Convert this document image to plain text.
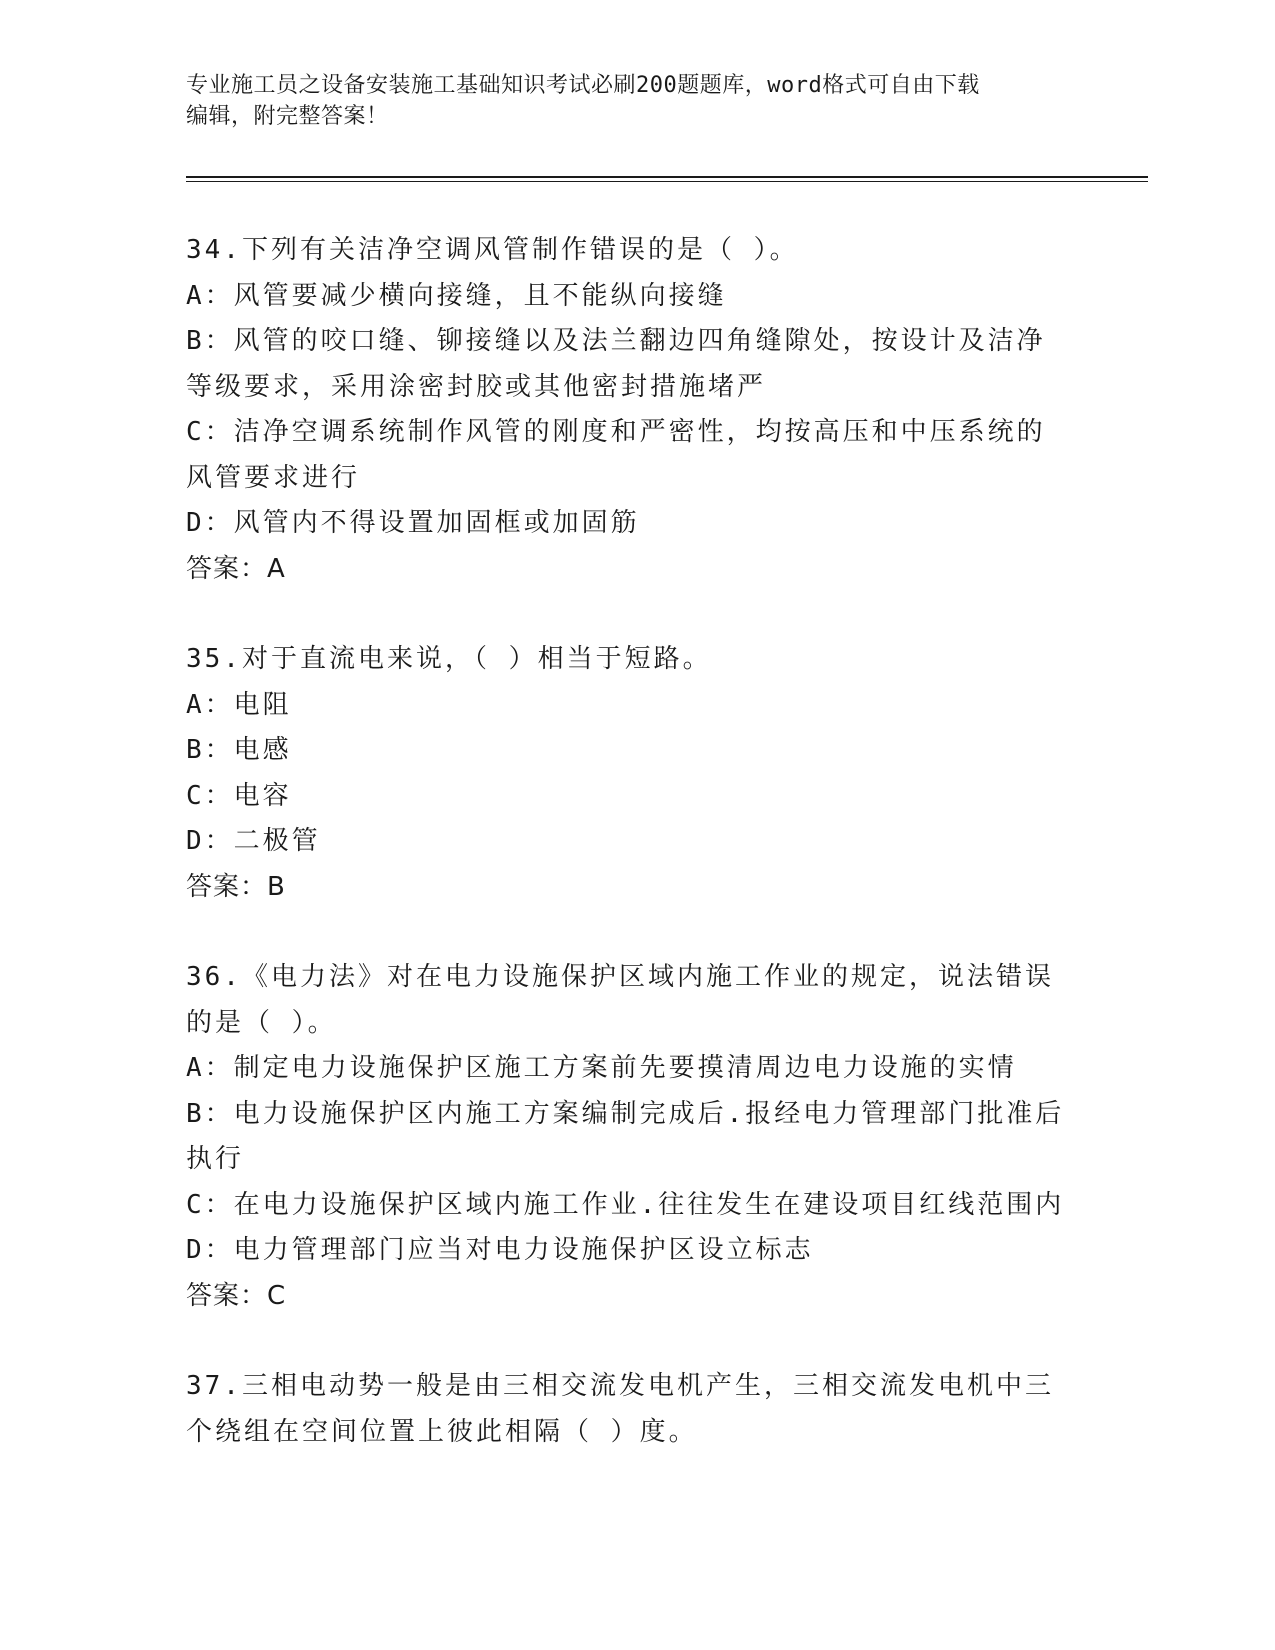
专业施工员之设备安装施工基础知识考试必刷200题题库，word格式可自由下载
编辑，附完整答案！
34.下列有关洁净空调风管制作错误的是（ ）。
A：风管要减少横向接缝，且不能纵向接缝
B：风管的咬口缝、铆接缝以及法兰翻边四角缝隙处，按设计及洁净等级要求，采用涂密封胶或其他密封措施堵严
C：洁净空调系统制作风管的刚度和严密性，均按高压和中压系统的风管要求进行
D：风管内不得设置加固框或加固筋
答案：A
35.对于直流电来说，（ ）相当于短路。
A：电阻
B：电感
C：电容
D：二极管
答案：B
36.《电力法》对在电力设施保护区域内施工作业的规定，说法错误的是（ ）。
A：制定电力设施保护区施工方案前先要摸清周边电力设施的实情
B：电力设施保护区内施工方案编制完成后.报经电力管理部门批准后执行
C：在电力设施保护区域内施工作业.往往发生在建设项目红线范围内
D：电力管理部门应当对电力设施保护区设立标志
答案：C
37.三相电动势一般是由三相交流发电机产生，三相交流发电机中三个绕组在空间位置上彼此相隔（ ）度。
